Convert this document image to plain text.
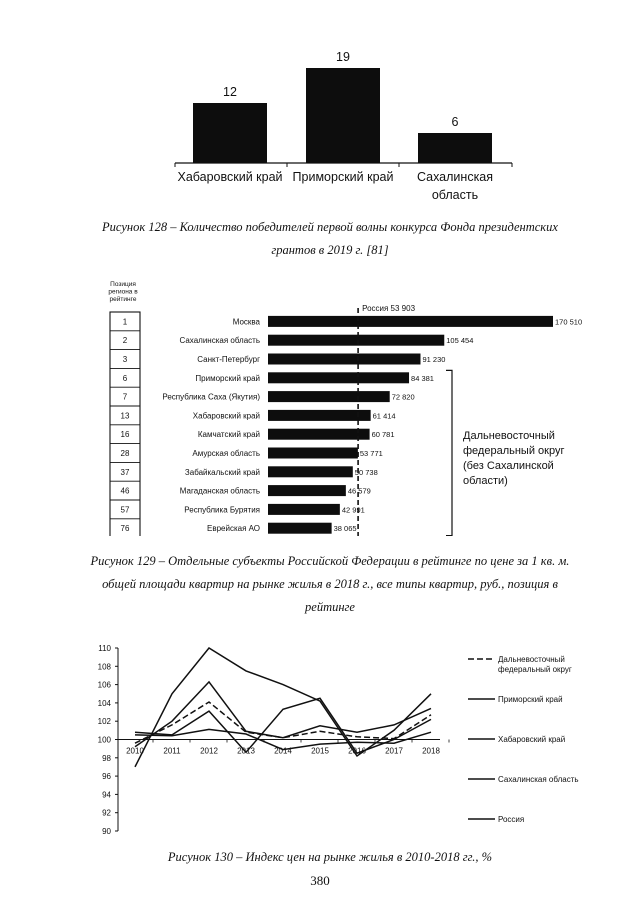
12
Хабаровский край
19
Приморский край
6
Сахалинская
область
Рисунок 128 – Количество победителей первой волны конкурса Фонда президентских
грантов в 2019 г. [81]
Позиция
региона в
рейтинге
1	Москва	170 510
2	Сахалинская область	105 454
3	Санкт-Петербург	91 230
6	Приморский край	84 381
7	Республика Саха (Якутия)	72 820
13	Хабаровский край	61 414
16	Камчатский край	60 781
28	Амурская область	53 771
37	Забайкальский край	50 738
46	Магаданская область	46 579
57	Республика Бурятия	42 991
76	Еврейская АО	38 065
Россия 53 903
Дальневосточный
федеральный округ
(без Сахалинской
области)
Рисунок 129 – Отдельные субъекты Российской Федерации в рейтинге по цене за 1 кв. м.
общей площади квартир на рынке жилья в 2018 г., все типы квартир, руб., позиция в
рейтинге
110
108
106
104
102
100
98
96
94
92
90
2010 2011 2012 2013 2014 2015 2016 2017 2018
Дальневосточный
федеральный округ
Приморский край
Хабаровский край
Сахалинская область
Россия
Рисунок 130 – Индекс цен на рынке жилья в 2010-2018 гг., %
380
